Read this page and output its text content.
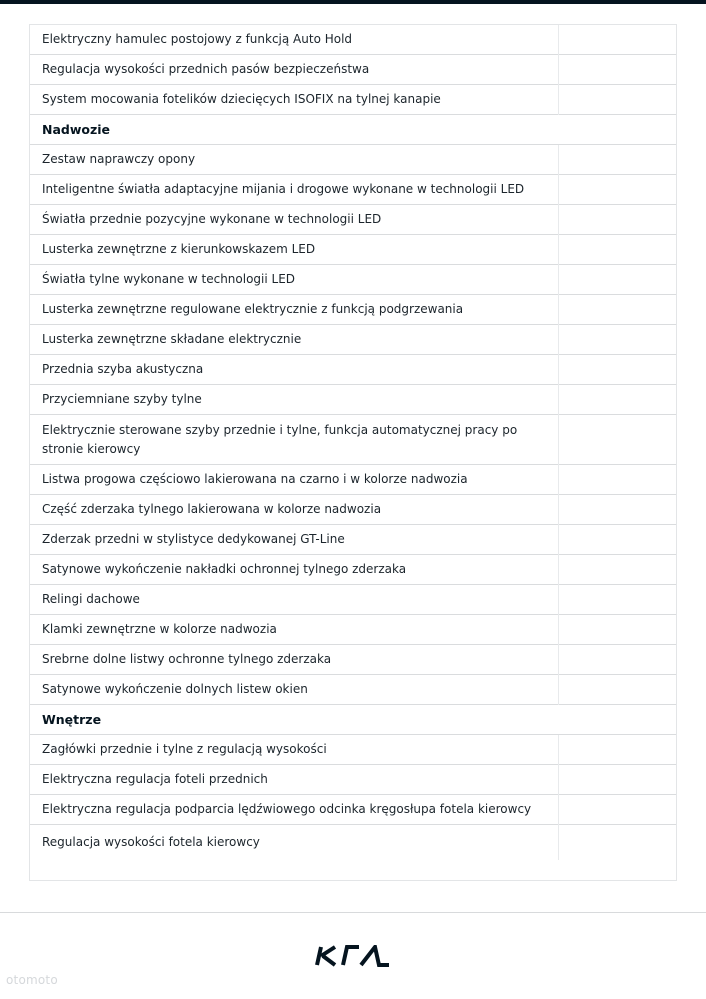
Elektryczny hamulec postojowy z funkcją Auto Hold
Regulacja wysokości przednich pasów bezpieczeństwa
System mocowania fotelików dziecięcych ISOFIX na tylnej kanapie
Nadwozie
Zestaw naprawczy opony
Inteligentne światła adaptacyjne mijania i drogowe wykonane w technologii LED
Światła przednie pozycyjne wykonane w technologii LED
Lusterka zewnętrzne z kierunkowskazem LED
Światła tylne wykonane w technologii LED
Lusterka zewnętrzne regulowane elektrycznie z funkcją podgrzewania
Lusterka zewnętrzne składane elektrycznie
Przednia szyba akustyczna
Przyciemniane szyby tylne
Elektrycznie sterowane szyby przednie i tylne, funkcja automatycznej pracy po stronie kierowcy
Listwa progowa częściowo lakierowana na czarno i w kolorze nadwozia
Część zderzaka tylnego lakierowana w kolorze nadwozia
Zderzak przedni w stylistyce dedykowanej GT-Line
Satynowe wykończenie nakładki ochronnej tylnego zderzaka
Relingi dachowe
Klamki zewnętrzne w kolorze nadwozia
Srebrne dolne listwy ochronne tylnego zderzaka
Satynowe wykończenie dolnych listew okien
Wnętrze
Zagłówki przednie i tylne z regulacją wysokości
Elektryczna regulacja foteli przednich
Elektryczna regulacja podparcia lędźwiowego odcinka kręgosłupa fotela kierowcy
Regulacja wysokości fotela kierowcy
otomoto
